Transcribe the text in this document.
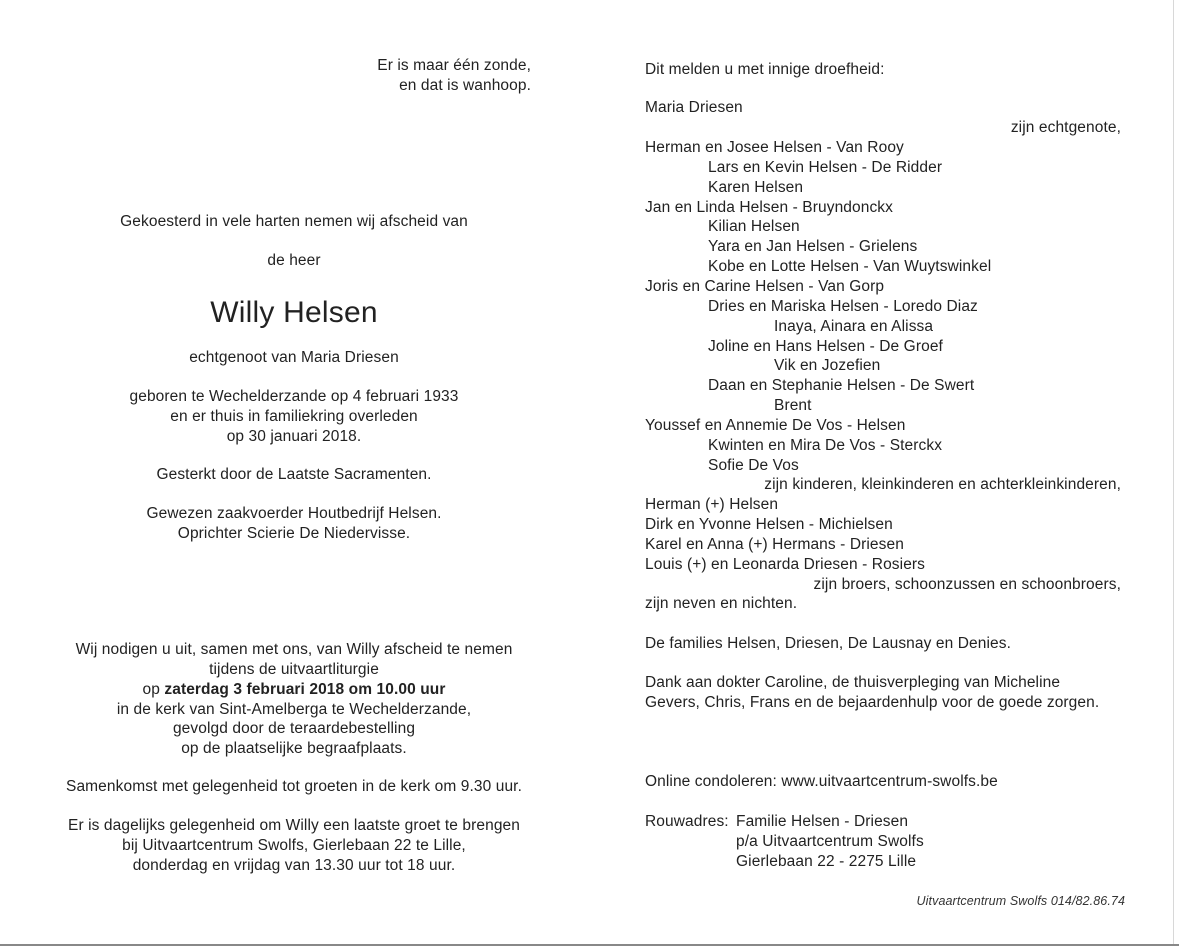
Er is maar één zonde,
en dat is wanhoop.
Gekoesterd in vele harten nemen wij afscheid van
de heer
Willy Helsen
echtgenoot van Maria Driesen
geboren te Wechelderzande op 4 februari 1933
en er thuis in familiekring overleden
op 30 januari 2018.
Gesterkt door de Laatste Sacramenten.
Gewezen zaakvoerder Houtbedrijf Helsen.
Oprichter Scierie De Niedervisse.
Wij nodigen u uit, samen met ons, van Willy afscheid te nemen
tijdens de uitvaartliturgie
op zaterdag 3 februari 2018 om 10.00 uur
in de kerk van Sint-Amelberga te Wechelderzande,
gevolgd door de teraardebestelling
op de plaatselijke begraafplaats.
Samenkomst met gelegenheid tot groeten in de kerk om 9.30 uur.
Er is dagelijks gelegenheid om Willy een laatste groet te brengen
bij Uitvaartcentrum Swolfs, Gierlebaan 22 te Lille,
donderdag en vrijdag van 13.30 uur tot 18 uur.
Dit melden u met innige droefheid:
Maria Driesen
zijn echtgenote,
Herman en Josee Helsen - Van Rooy
Lars en Kevin Helsen - De Ridder
Karen Helsen
Jan en Linda Helsen - Bruyndonckx
Kilian Helsen
Yara en Jan Helsen - Grielens
Kobe en Lotte Helsen - Van Wuytswinkel
Joris en Carine Helsen - Van Gorp
Dries en Mariska Helsen - Loredo Diaz
Inaya, Ainara en Alissa
Joline en Hans Helsen - De Groef
Vik en Jozefien
Daan en Stephanie Helsen - De Swert
Brent
Youssef en Annemie De Vos - Helsen
Kwinten en Mira De Vos - Sterckx
Sofie De Vos
zijn kinderen, kleinkinderen en achterkleinkinderen,
Herman (+) Helsen
Dirk en Yvonne Helsen - Michielsen
Karel en Anna (+) Hermans - Driesen
Louis (+) en Leonarda Driesen - Rosiers
zijn broers, schoonzussen en schoonbroers,
zijn neven en nichten.
De families Helsen, Driesen, De Lausnay en Denies.
Dank aan dokter Caroline, de thuisverpleging van Micheline
Gevers, Chris, Frans en de bejaardenhulp voor de goede zorgen.
Online condoleren: www.uitvaartcentrum-swolfs.be
Rouwadres: Familie Helsen - Driesen
p/a Uitvaartcentrum Swolfs
Gierlebaan 22 - 2275 Lille
Uitvaartcentrum Swolfs 014/82.86.74
